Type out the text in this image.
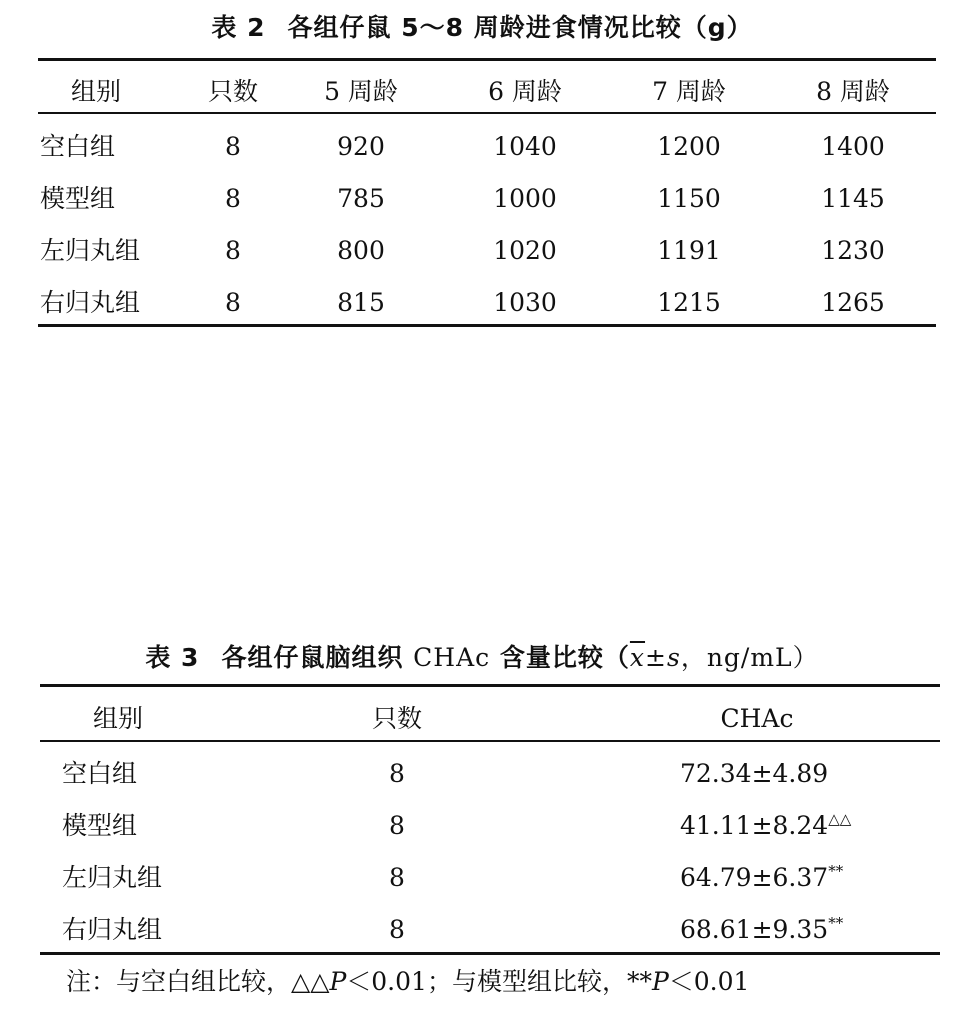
表 2 各组仔鼠 5～8 周龄进食情况比较（g）
组别	只数	5 周龄	6 周龄	7 周龄	8 周龄
空白组	8	920	1040	1200	1400
模型组	8	785	1000	1150	1145
左归丸组	8	800	1020	1191	1230
右归丸组	8	815	1030	1215	1265
表 3 各组仔鼠脑组织 CHAc 含量比较（$\overline{x}\pm s$，ng/mL）
组别	只数	CHAc
空白组	8	72.34±4.89
模型组	8	41.11±8.24△△
左归丸组	8	64.79±6.37**
右归丸组	8	68.61±9.35**
注：与空白组比较，△△P＜0.01；与模型组比较，**P＜0.01
